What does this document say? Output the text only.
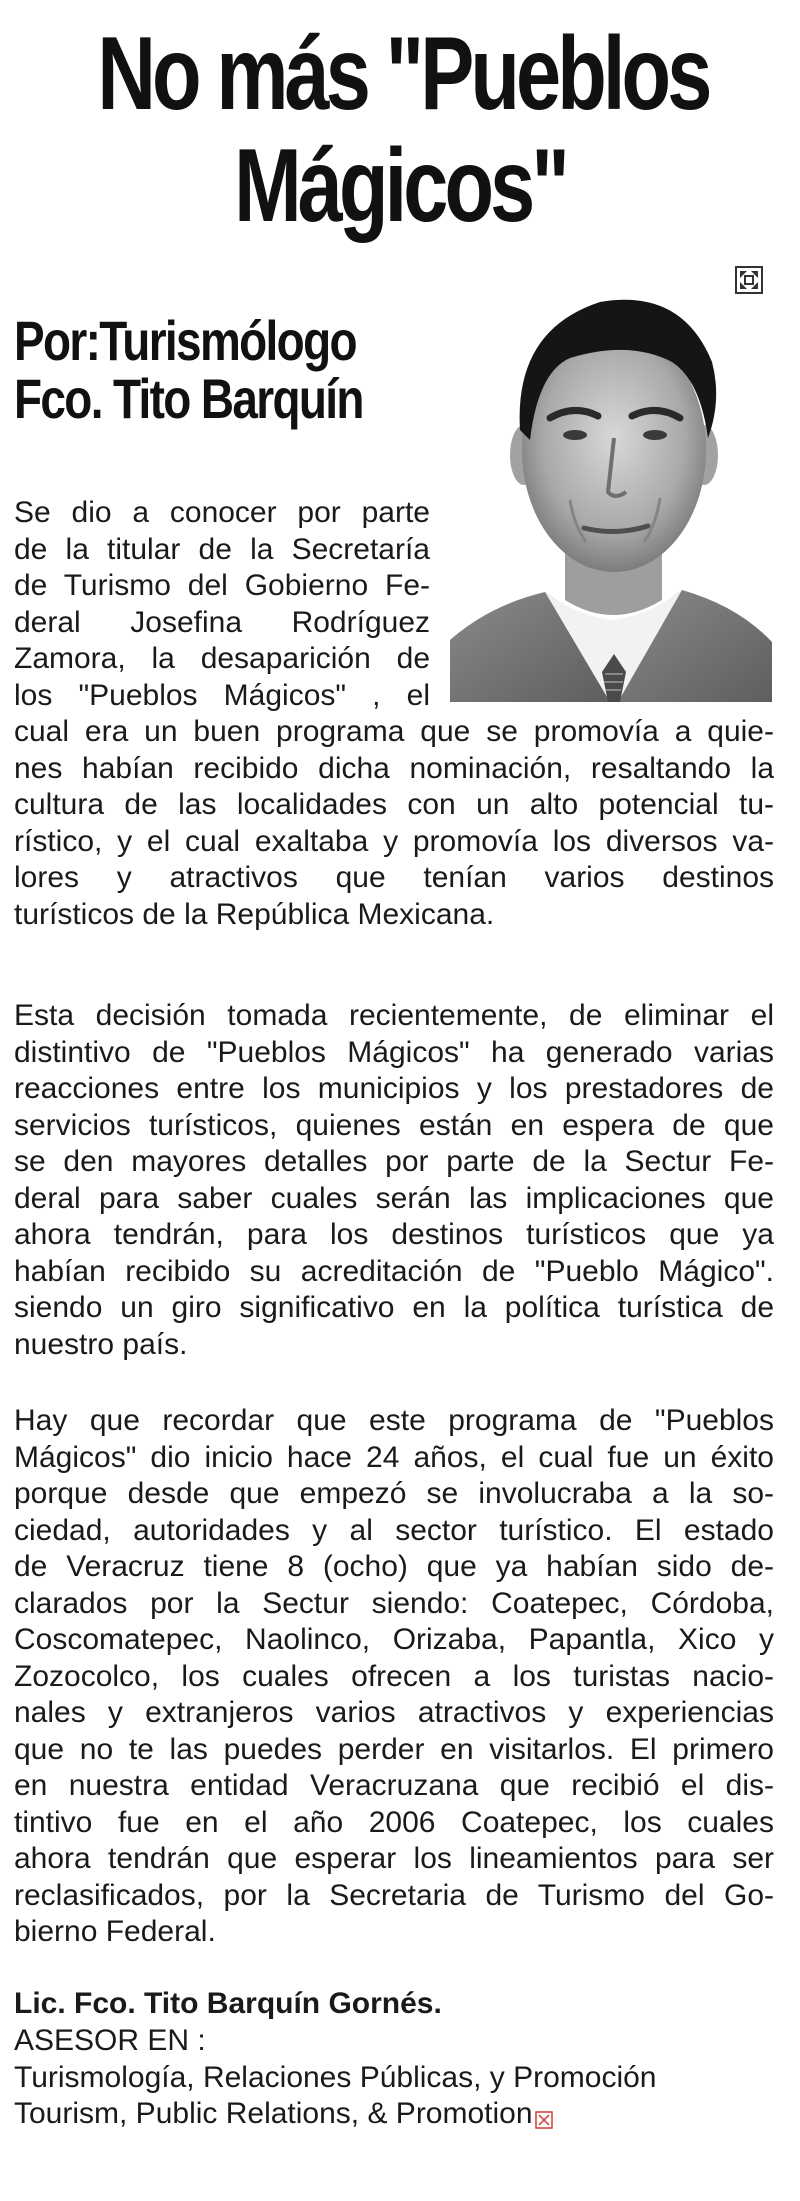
No más "Pueblos
Mágicos"
Por:Turismólogo
Fco. Tito Barquín
Se dio a conocer por parte
de la titular de la Secretaría
de Turismo del Gobierno Fe-
deral Josefina Rodríguez
Zamora, la desaparición de
los "Pueblos Mágicos" , el
cual era un buen programa que se promovía a quie-
nes habían recibido dicha nominación, resaltando la
cultura de las localidades con un alto potencial tu-
rístico, y el cual exaltaba y promovía los diversos va-
lores y atractivos que tenían varios destinos
turísticos de la República Mexicana.
Esta decisión tomada recientemente, de eliminar el
distintivo de "Pueblos Mágicos" ha generado varias
reacciones entre los municipios y los prestadores de
servicios turísticos, quienes están en espera de que
se den mayores detalles por parte de la Sectur Fe-
deral para saber cuales serán las implicaciones que
ahora tendrán, para los destinos turísticos que ya
habían recibido su acreditación de "Pueblo Mágico".
siendo un giro significativo en la política turística de
nuestro país.
Hay que recordar que este programa de "Pueblos
Mágicos" dio inicio hace 24 años, el cual fue un éxito
porque desde que empezó se involucraba a la so-
ciedad, autoridades y al sector turístico. El estado
de Veracruz tiene 8 (ocho) que ya habían sido de-
clarados por la Sectur siendo: Coatepec, Córdoba,
Coscomatepec, Naolinco, Orizaba, Papantla, Xico y
Zozocolco, los cuales ofrecen a los turistas nacio-
nales y extranjeros varios atractivos y experiencias
que no te las puedes perder en visitarlos. El primero
en nuestra entidad Veracruzana que recibió el dis-
tintivo fue en el año 2006 Coatepec, los cuales
ahora tendrán que esperar los lineamientos para ser
reclasificados, por la Secretaria de Turismo del Go-
bierno Federal.
Lic. Fco. Tito Barquín Gornés.
ASESOR EN :
Turismología, Relaciones Públicas, y Promoción
Tourism, Public Relations, & Promotion
